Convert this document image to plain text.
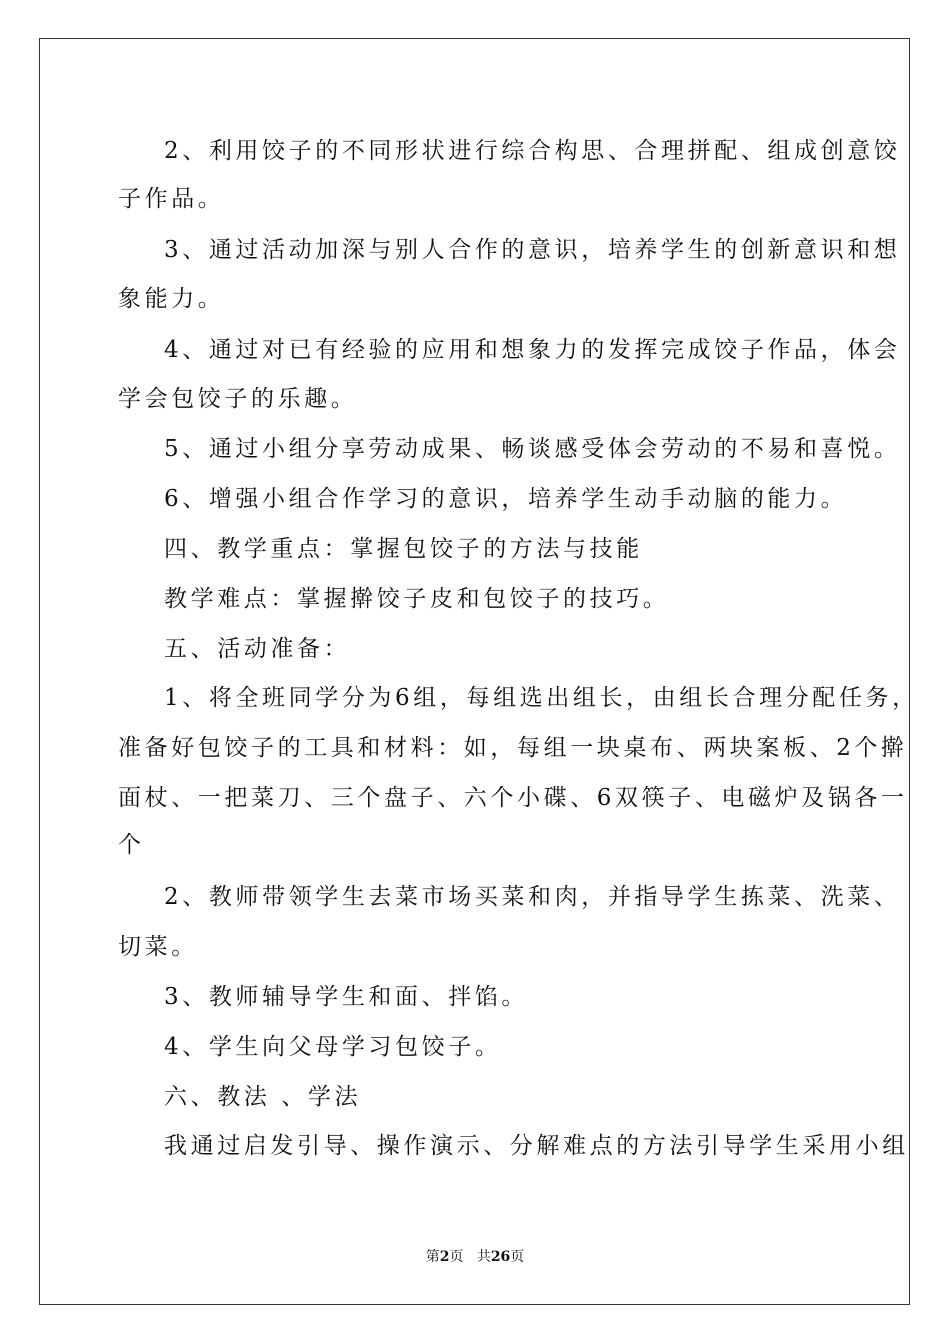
2、利用饺子的不同形状进行综合构思、合理拼配、组成创意饺
子作品。
3、通过活动加深与别人合作的意识，培养学生的创新意识和想
象能力。
4、通过对已有经验的应用和想象力的发挥完成饺子作品，体会
学会包饺子的乐趣。
5、通过小组分享劳动成果、畅谈感受体会劳动的不易和喜悦。
6、增强小组合作学习的意识，培养学生动手动脑的能力。
四、教学重点：掌握包饺子的方法与技能
教学难点：掌握擀饺子皮和包饺子的技巧。
五、活动准备：
1、将全班同学分为6组，每组选出组长，由组长合理分配任务，
准备好包饺子的工具和材料：如，每组一块桌布、两块案板、2个擀
面杖、一把菜刀、三个盘子、六个小碟、6双筷子、电磁炉及锅各一
个
2、教师带领学生去菜市场买菜和肉，并指导学生拣菜、洗菜、
切菜。
3、教师辅导学生和面、拌馅。
4、学生向父母学习包饺子。
六、教法 、学法
我通过启发引导、操作演示、分解难点的方法引导学生采用小组
第2页 共26页
